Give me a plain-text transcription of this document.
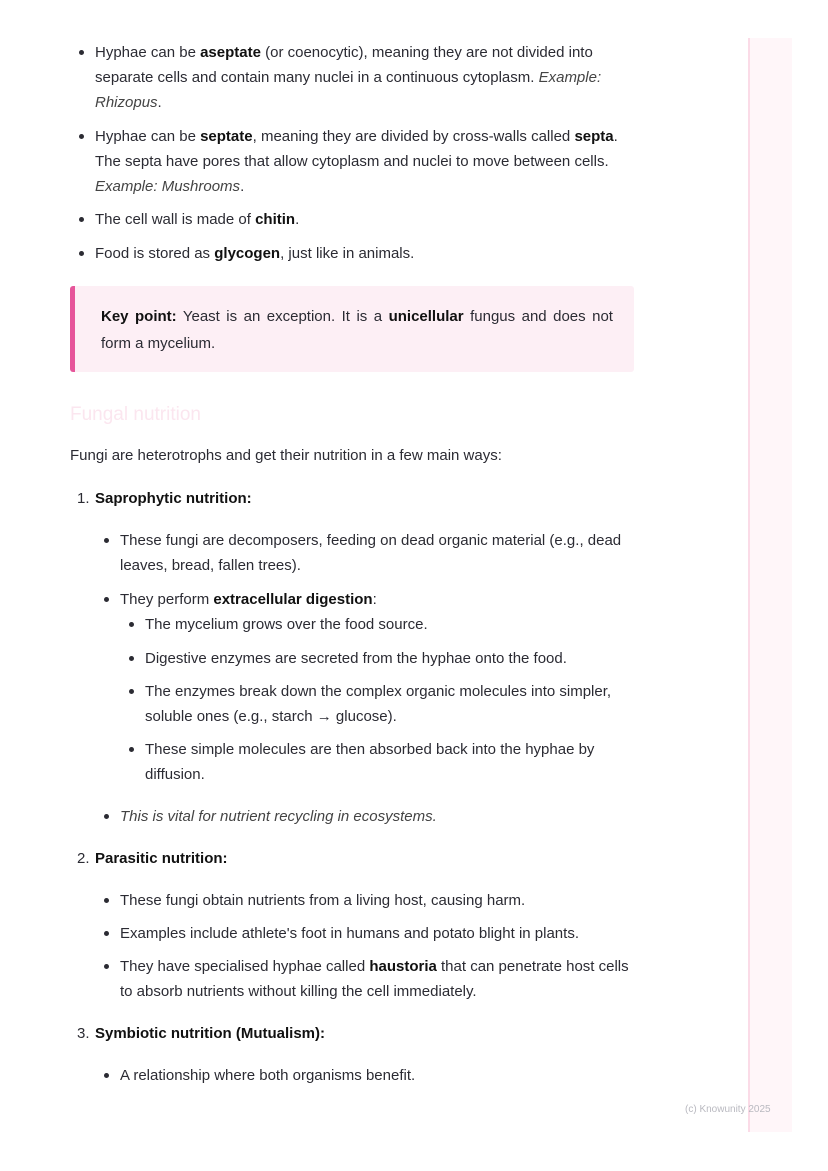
Hyphae can be aseptate (or coenocytic), meaning they are not divided into separate cells and contain many nuclei in a continuous cytoplasm. Example: Rhizopus.
Hyphae can be septate, meaning they are divided by cross-walls called septa. The septa have pores that allow cytoplasm and nuclei to move between cells. Example: Mushrooms.
The cell wall is made of chitin.
Food is stored as glycogen, just like in animals.

Key point: Yeast is an exception. It is a unicellular fungus and does not form a mycelium.

Fungal nutrition
Fungi are heterotrophs and get their nutrition in a few main ways:
1. Saprophytic nutrition:
These fungi are decomposers, feeding on dead organic material (e.g., dead leaves, bread, fallen trees).
They perform extracellular digestion:
The mycelium grows over the food source.
Digestive enzymes are secreted from the hyphae onto the food.
The enzymes break down the complex organic molecules into simpler, soluble ones (e.g., starch → glucose).
These simple molecules are then absorbed back into the hyphae by diffusion.
This is vital for nutrient recycling in ecosystems.
2. Parasitic nutrition:
These fungi obtain nutrients from a living host, causing harm.
Examples include athlete's foot in humans and potato blight in plants.
They have specialised hyphae called haustoria that can penetrate host cells to absorb nutrients without killing the cell immediately.
3. Symbiotic nutrition (Mutualism):
A relationship where both organisms benefit.
(c) Knowunity 2025
